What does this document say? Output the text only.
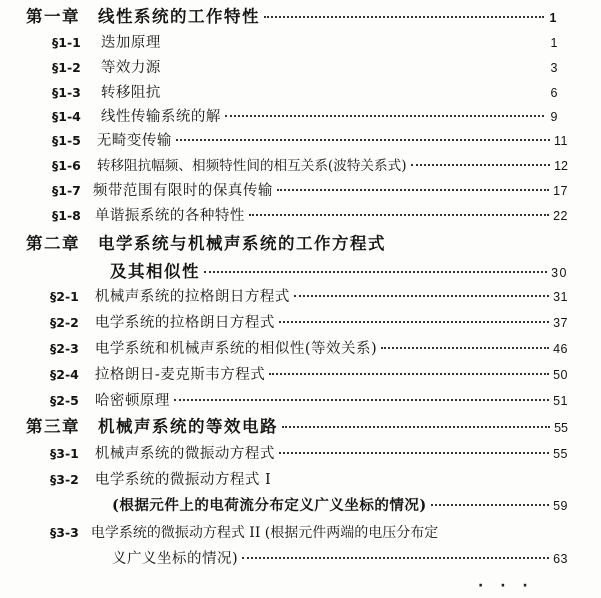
第一章 线性系统的工作特性	1
§1-1 迭加原理	1
§1-2 等效力源	3
§1-3 转移阻抗	6
§1-4 线性传输系统的解	9
§1-5 无畸变传输	11
§1-6 转移阻抗幅频、相频特性间的相互关系(波特关系式)	12
§1-7 频带范围有限时的保真传输	17
§1-8 单谐振系统的各种特性	22
第二章 电学系统与机械声系统的工作方程式
及其相似性	30
§2-1 机械声系统的拉格朗日方程式	31
§2-2 电学系统的拉格朗日方程式	37
§2-3 电学系统和机械声系统的相似性(等效关系)	46
§2-4 拉格朗日-麦克斯韦方程式	50
§2-5 哈密顿原理	51
第三章 机械声系统的等效电路	55
§3-1 机械声系统的微振动方程式	55
§3-2 电学系统的微振动方程式 I
(根据元件上的电荷流分布定义广义坐标的情况)	59
§3-3 电学系统的微振动方程式 II (根据元件两端的电压分布定
义广义坐标的情况)	63
· · ·
